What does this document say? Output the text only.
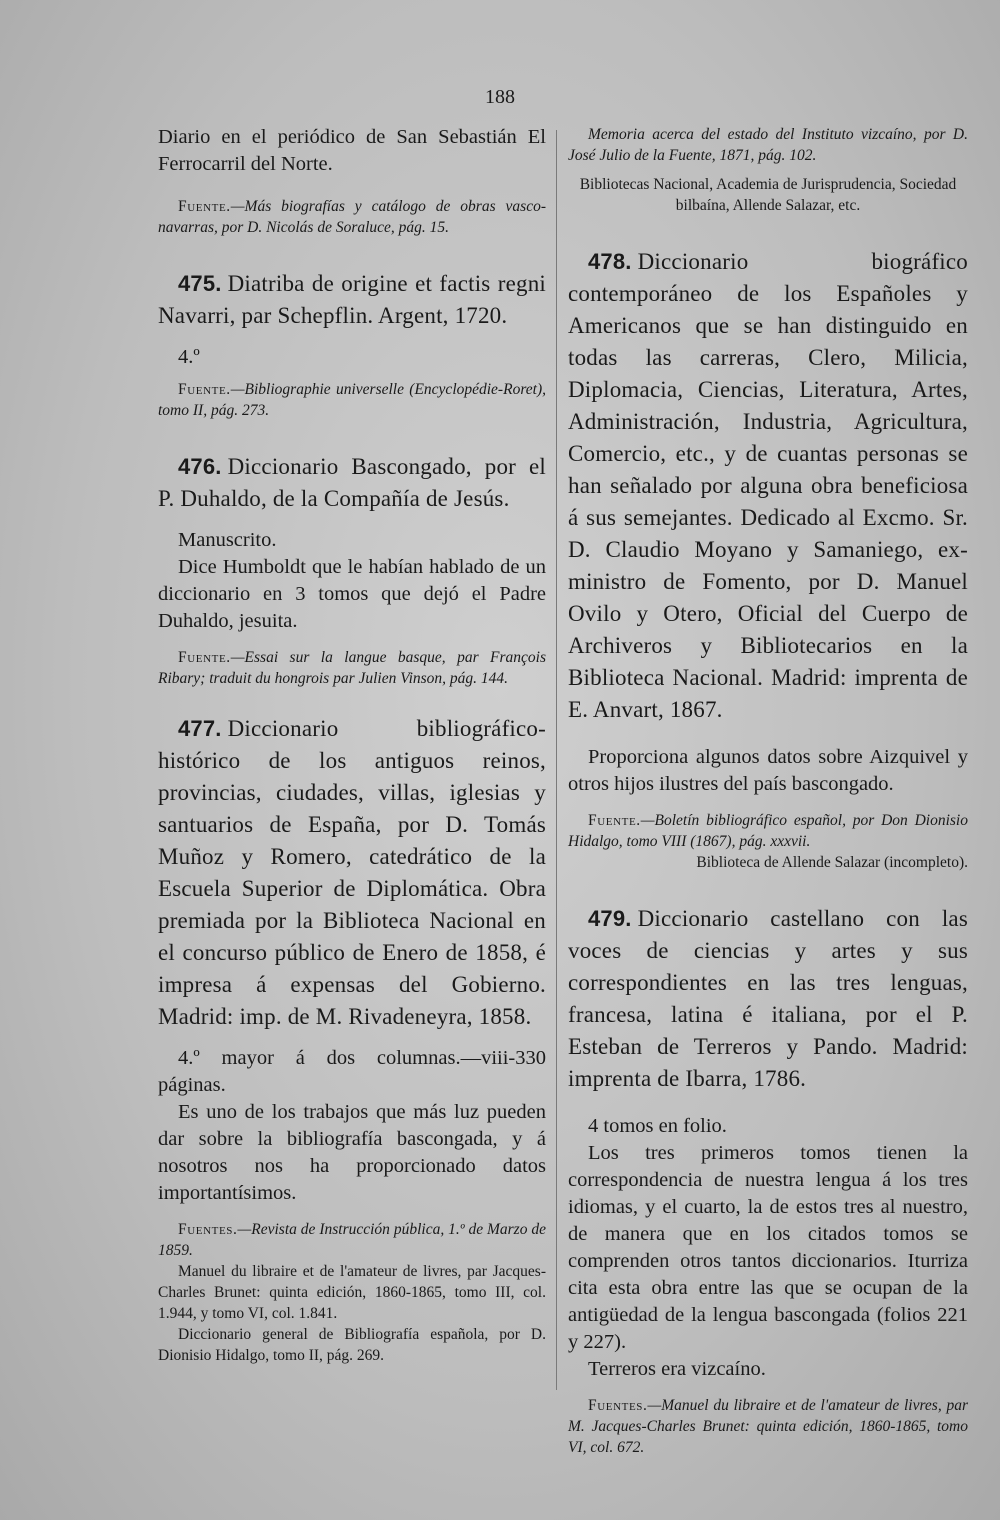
188

Diario en el periódico de San Sebastián El Ferrocarril del Norte.

Fuente.—Más biografías y catálogo de obras vasco-navarras, por D. Nicolás de Soraluce, pág. 15.

475. Diatriba de origine et factis regni Navarri, par Schepflin. Argent, 1720.

4.º

Fuente.—Bibliographie universelle (Encyclopédie-Roret), tomo II, pág. 273.

476. Diccionario Bascongado, por el P. Duhaldo, de la Compañía de Jesús.

Manuscrito.

Dice Humboldt que le habían hablado de un diccionario en 3 tomos que dejó el Padre Duhaldo, jesuita.

Fuente.—Essai sur la langue basque, par François Ribary; traduit du hongrois par Julien Vinson, pág. 144.

477. Diccionario bibliográfico-histórico de los antiguos reinos, provincias, ciudades, villas, iglesias y santuarios de España, por D. Tomás Muñoz y Romero, catedrático de la Escuela Superior de Diplomática. Obra premiada por la Biblioteca Nacional en el concurso público de Enero de 1858, é impresa á expensas del Gobierno. Madrid: imp. de M. Rivadeneyra, 1858.

4.º mayor á dos columnas.—viii-330 páginas.

Es uno de los trabajos que más luz pueden dar sobre la bibliografía bascongada, y á nosotros nos ha proporcionado datos importantísimos.

Fuentes.—Revista de Instrucción pública, 1.º de Marzo de 1859.

Manuel du libraire et de l'amateur de livres, par Jacques-Charles Brunet: quinta edición, 1860-1865, tomo III, col. 1.944, y tomo VI, col. 1.841.

Diccionario general de Bibliografía española, por D. Dionisio Hidalgo, tomo II, pág. 269.

Memoria acerca del estado del Instituto vizcaíno, por D. José Julio de la Fuente, 1871, pág. 102.

Bibliotecas Nacional, Academia de Jurisprudencia, Sociedad bilbaína, Allende Salazar, etc.

478. Diccionario biográfico contemporáneo de los Españoles y Americanos que se han distinguido en todas las carreras, Clero, Milicia, Diplomacia, Ciencias, Literatura, Artes, Administración, Industria, Agricultura, Comercio, etc., y de cuantas personas se han señalado por alguna obra beneficiosa á sus semejantes. Dedicado al Excmo. Sr. D. Claudio Moyano y Samaniego, ex-ministro de Fomento, por D. Manuel Ovilo y Otero, Oficial del Cuerpo de Archiveros y Bibliotecarios en la Biblioteca Nacional. Madrid: imprenta de E. Anvart, 1867.

Proporciona algunos datos sobre Aizquivel y otros hijos ilustres del país bascongado.

Fuente.—Boletín bibliográfico español, por Don Dionisio Hidalgo, tomo VIII (1867), pág. xxxvii.

Biblioteca de Allende Salazar (incompleto).

479. Diccionario castellano con las voces de ciencias y artes y sus correspondientes en las tres lenguas, francesa, latina é italiana, por el P. Esteban de Terreros y Pando. Madrid: imprenta de Ibarra, 1786.

4 tomos en folio.

Los tres primeros tomos tienen la correspondencia de nuestra lengua á los tres idiomas, y el cuarto, la de estos tres al nuestro, de manera que en los citados tomos se comprenden otros tantos diccionarios. Iturriza cita esta obra entre las que se ocupan de la antigüedad de la lengua bascongada (folios 221 y 227).

Terreros era vizcaíno.

Fuentes.—Manuel du libraire et de l'amateur de livres, par M. Jacques-Charles Brunet: quinta edición, 1860-1865, tomo VI, col. 672.
